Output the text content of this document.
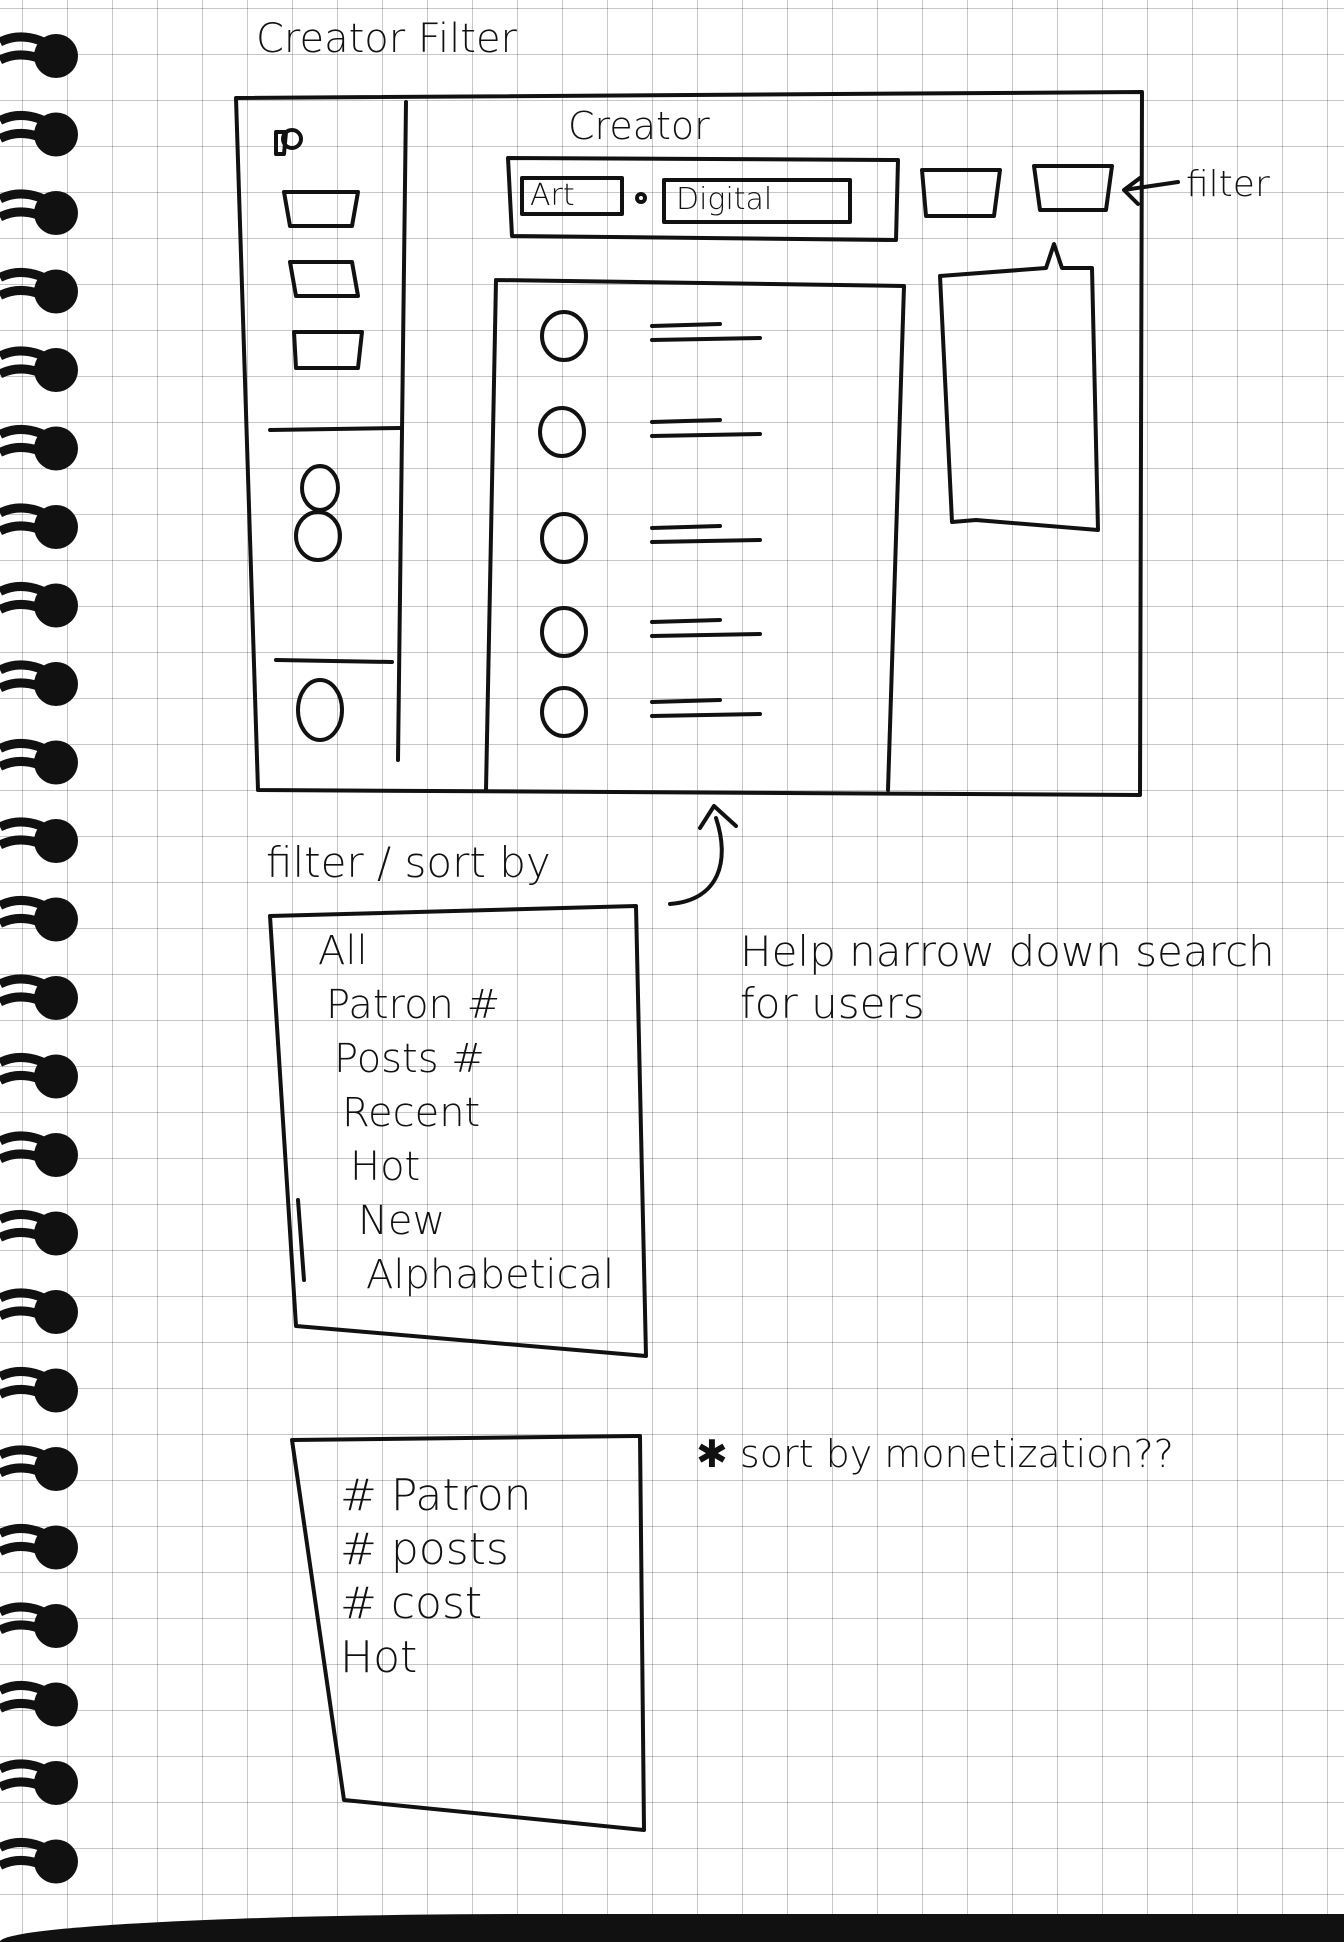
Creator Filter
Creator
Art	Digital	filter
filter / sort by
All
Patron #
Posts #
Recent
Hot
New
Alphabetical
Help narrow down search for users
✱ sort by monetization??
# Patron
# posts
# cost
Hot
